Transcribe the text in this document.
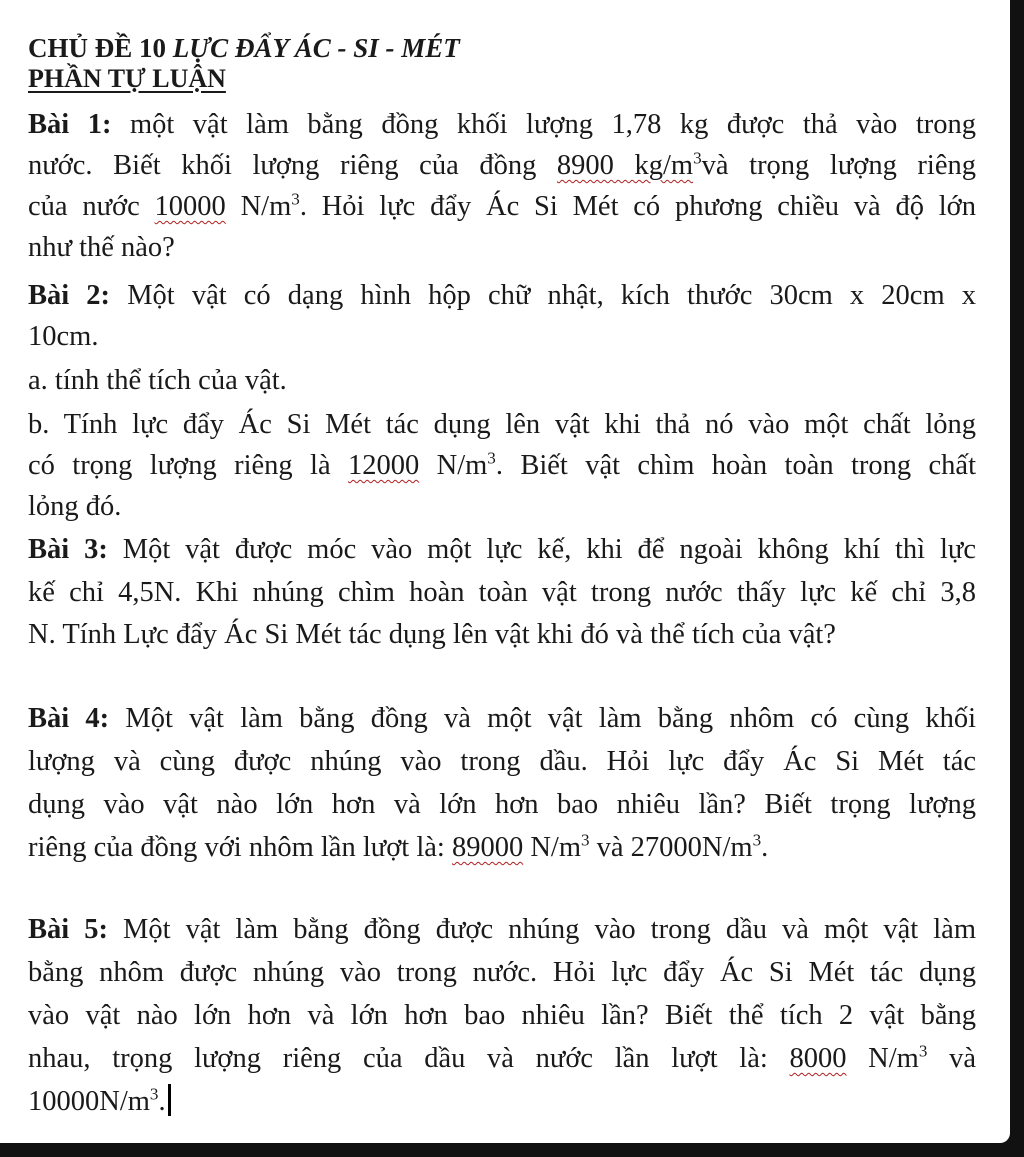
CHỦ ĐỀ 10 LỰC ĐẨY ÁC - SI - MÉT
PHẦN TỰ LUẬN
Bài 1: một vật làm bằng đồng khối lượng 1,78 kg được thả vào trong
nước. Biết khối lượng riêng của đồng 8900 $kg/m^3và$ trọng lượng riêng
của nước 10000 $N/m^3$. Hỏi lực đẩy Ác Si Mét có phương chiều và độ lớn
như thế nào?
Bài 2: Một vật có dạng hình hộp chữ nhật, kích thước 30cm x 20cm x
10cm.
a. tính thể tích của vật.
b. Tính lực đẩy Ác Si Mét tác dụng lên vật khi thả nó vào một chất lỏng
có trọng lượng riêng là 12000 $N/m^3$. Biết vật chìm hoàn toàn trong chất
lỏng đó.
Bài 3: Một vật được móc vào một lực kế, khi để ngoài không khí thì lực
kế chỉ 4,5N. Khi nhúng chìm hoàn toàn vật trong nước thấy lực kế chỉ 3,8
N. Tính Lực đẩy Ác Si Mét tác dụng lên vật khi đó và thể tích của vật?
Bài 4: Một vật làm bằng đồng và một vật làm bằng nhôm có cùng khối
lượng và cùng được nhúng vào trong dầu. Hỏi lực đẩy Ác Si Mét tác
dụng vào vật nào lớn hơn và lớn hơn bao nhiêu lần? Biết trọng lượng
riêng của đồng với nhôm lần lượt là: 89000 $N/m^3$ và $27000N/m^3$.
Bài 5: Một vật làm bằng đồng được nhúng vào trong dầu và một vật làm
bằng nhôm được nhúng vào trong nước. Hỏi lực đẩy Ác Si Mét tác dụng
vào vật nào lớn hơn và lớn hơn bao nhiêu lần? Biết thể tích 2 vật bằng
nhau, trọng lượng riêng của dầu và nước lần lượt là: 8000 $N/m^3$ và
$10000N/m^3$.
